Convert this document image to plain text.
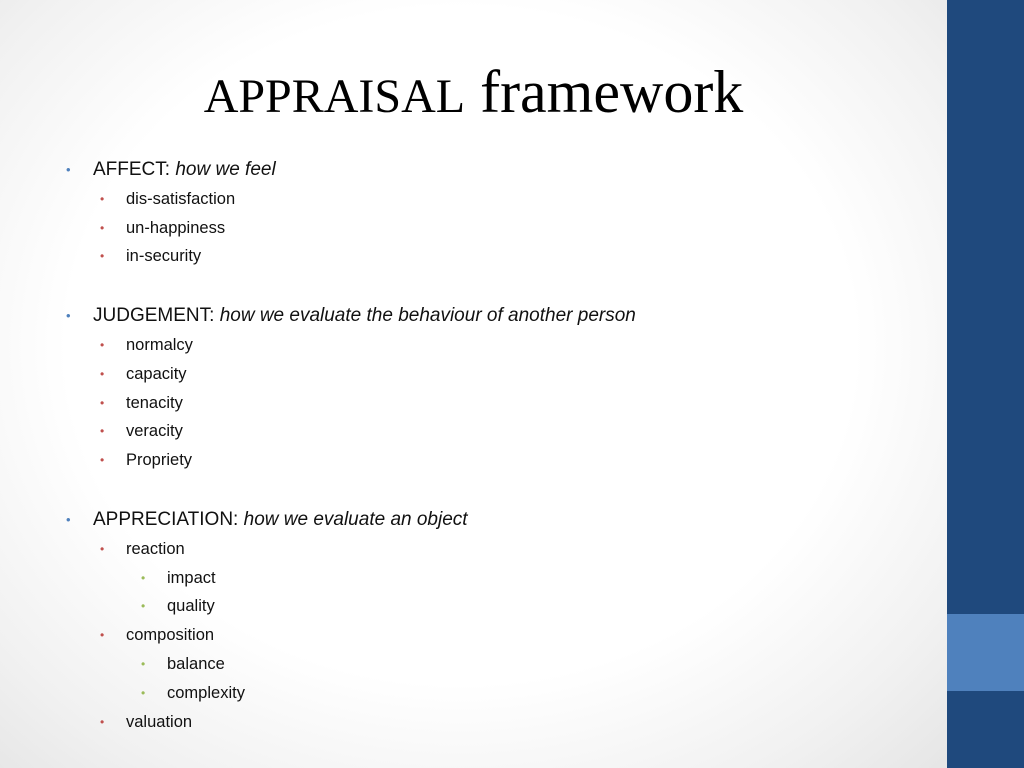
APPRAISAL framework
• AFFECT: how we feel
• dis-satisfaction
• un-happiness
• in-security
• JUDGEMENT: how we evaluate the behaviour of another person
• normalcy
• capacity
• tenacity
• veracity
• Propriety
• APPRECIATION: how we evaluate an object
• reaction
• impact
• quality
• composition
• balance
• complexity
• valuation
